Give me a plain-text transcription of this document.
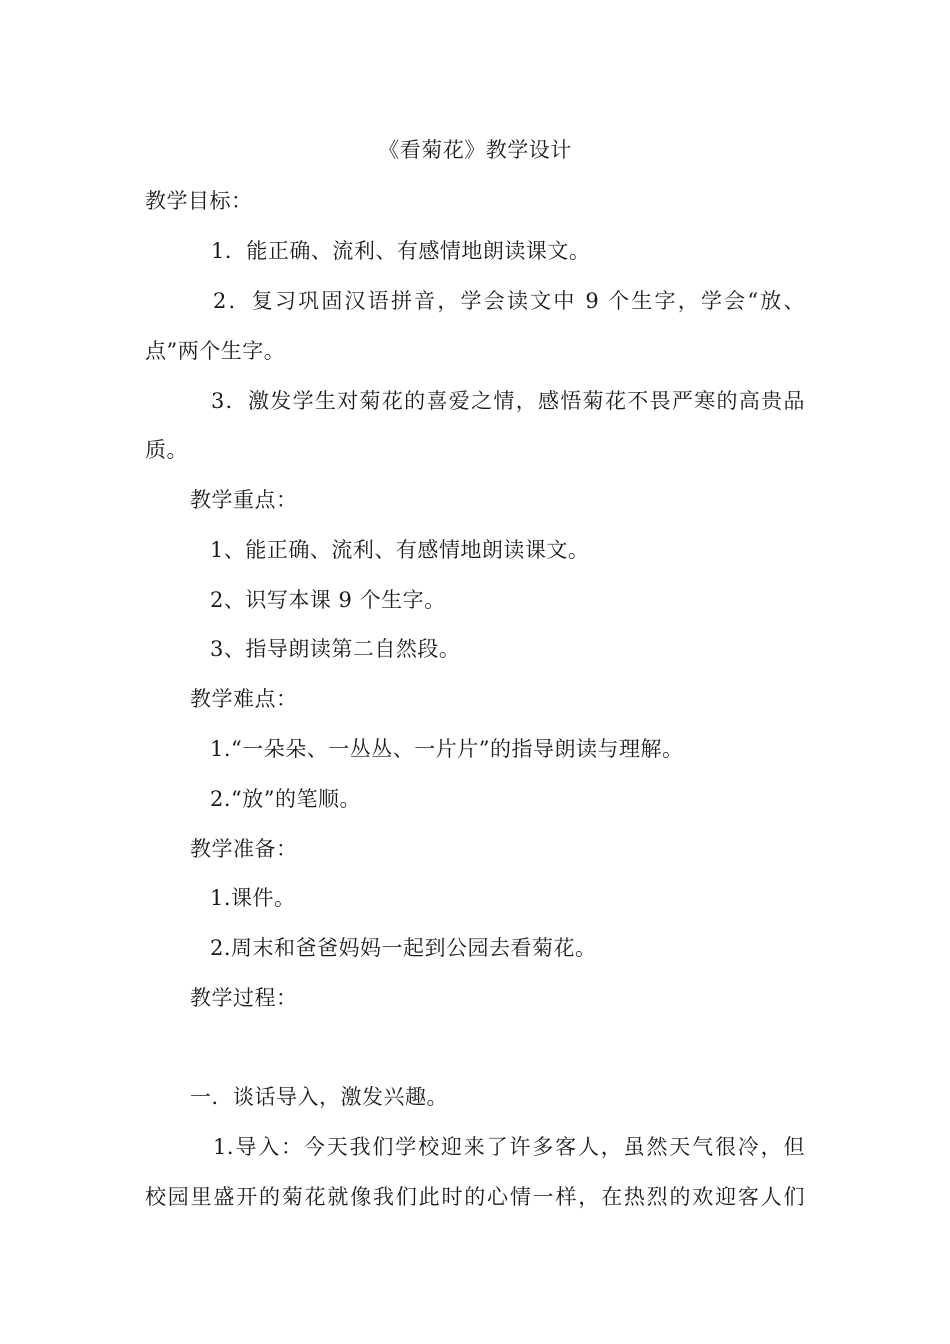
《看菊花》教学设计
教学目标：
1．能正确、流利、有感情地朗读课文。
2．复习巩固汉语拼音，学会读文中 9 个生字，学会“放、
点”两个生字。
3．激发学生对菊花的喜爱之情，感悟菊花不畏严寒的高贵品
质。
教学重点：
1、能正确、流利、有感情地朗读课文。
2、识写本课 9 个生字。
3、指导朗读第二自然段。
教学难点：
1.“一朵朵、一丛丛、一片片”的指导朗读与理解。
2.“放”的笔顺。
教学准备：
1.课件。
2.周末和爸爸妈妈一起到公园去看菊花。
教学过程：
一．谈话导入，激发兴趣。
1.导入：今天我们学校迎来了许多客人，虽然天气很冷，但
校园里盛开的菊花就像我们此时的心情一样，在热烈的欢迎客人们
